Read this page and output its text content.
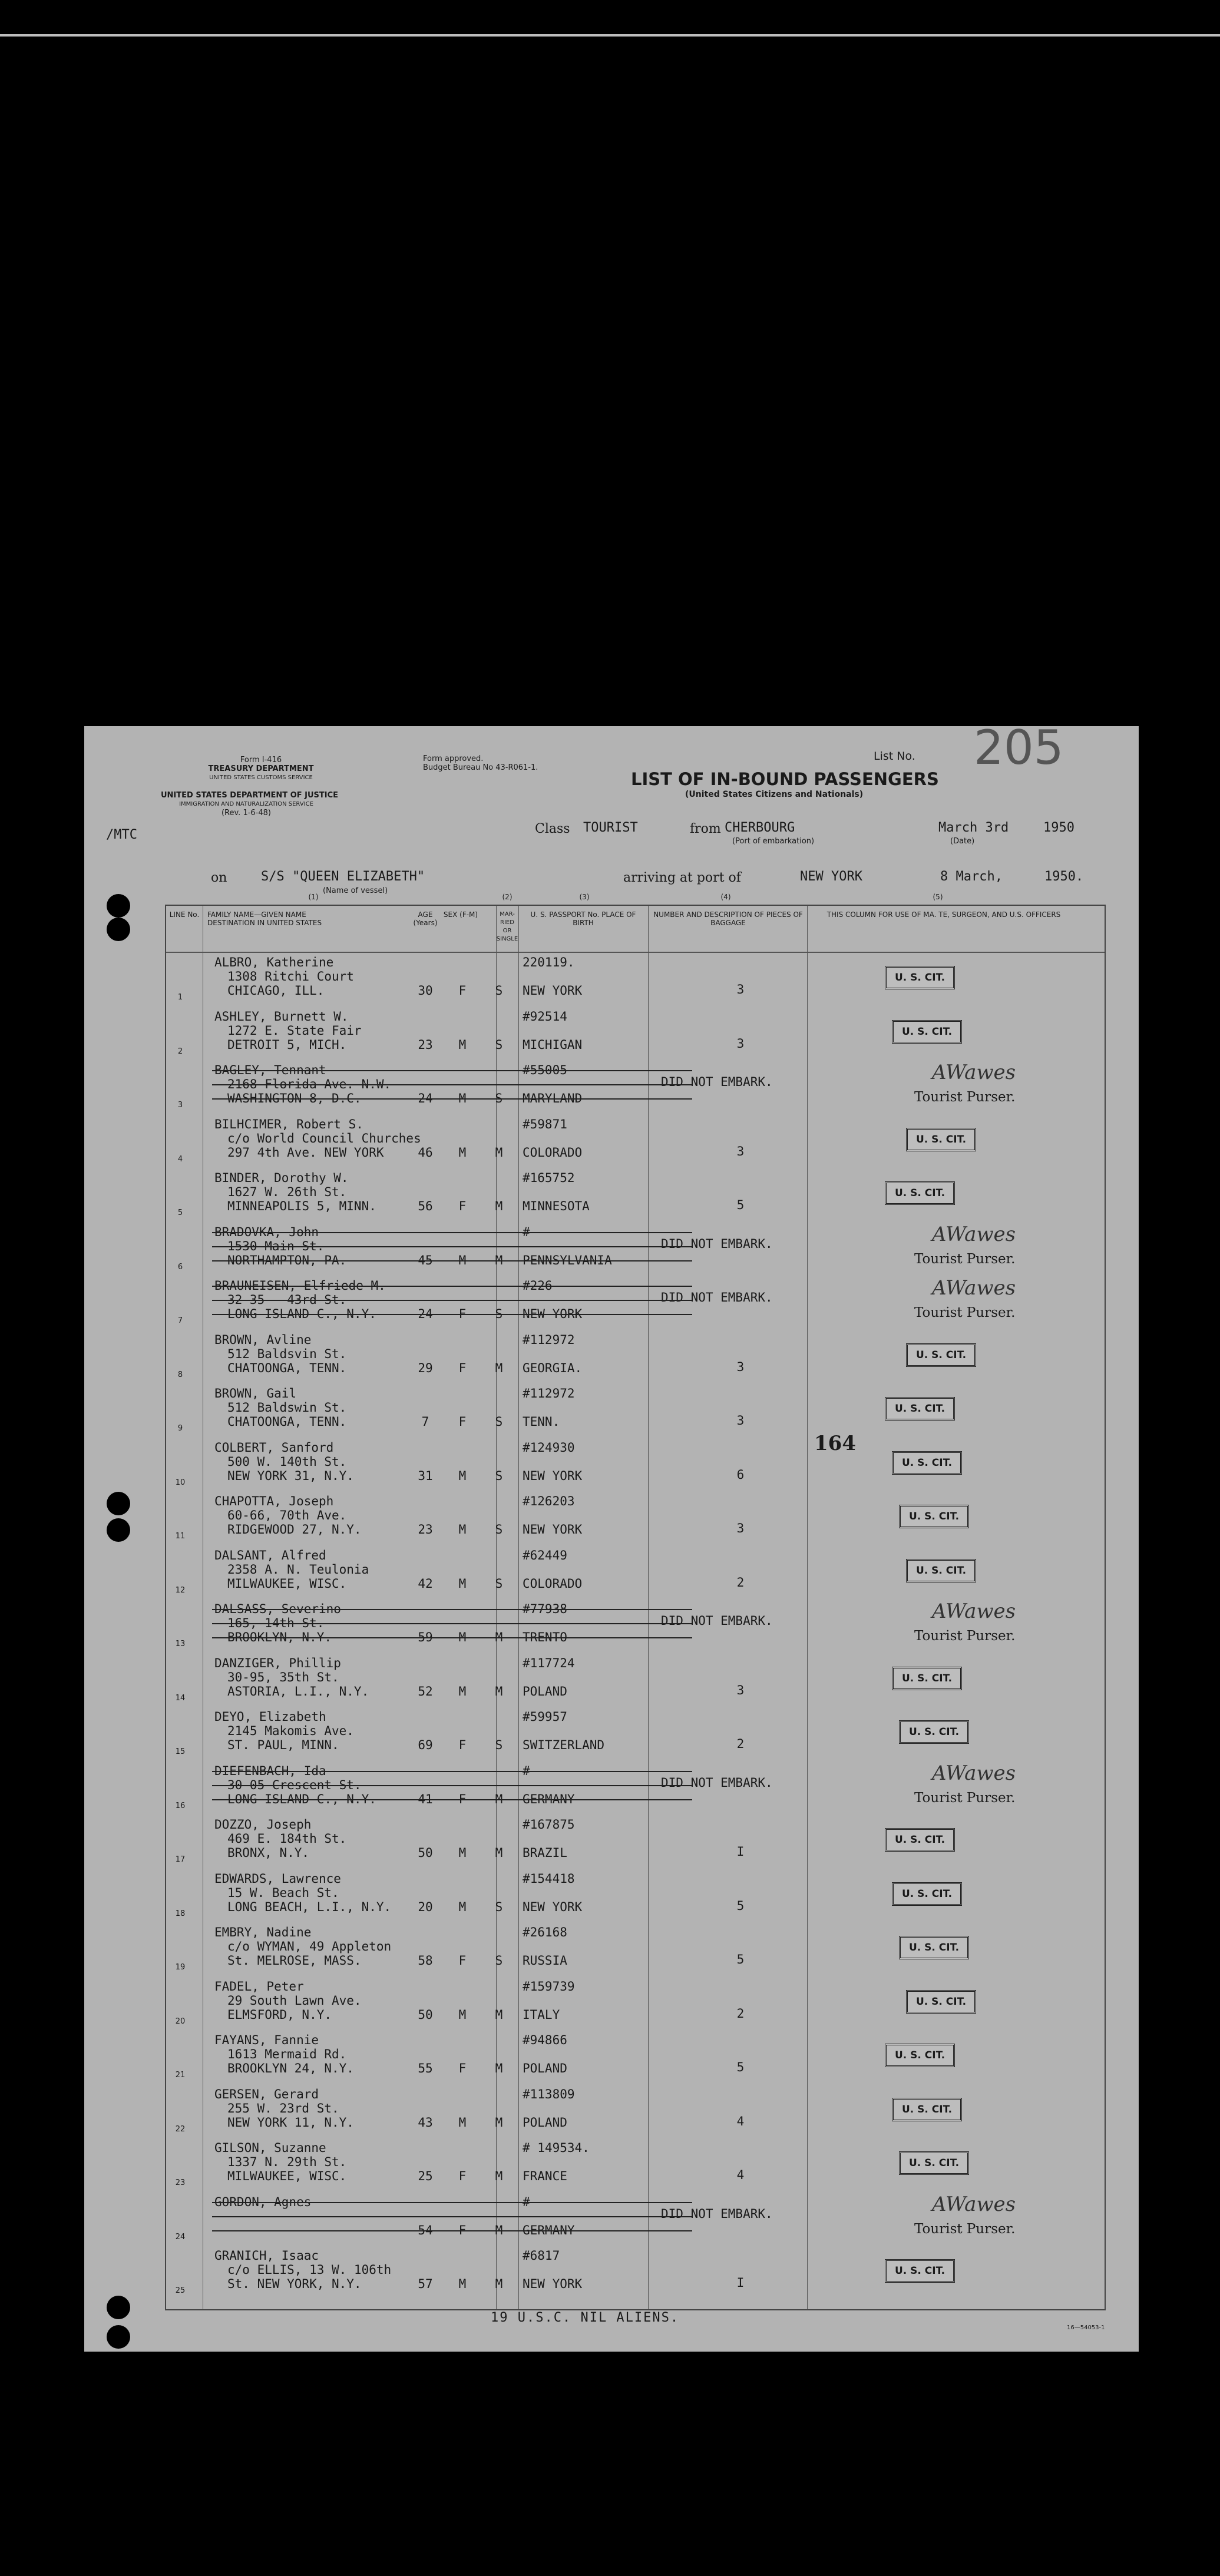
Form I-416
TREASURY DEPARTMENT
UNITED STATES CUSTOMS SERVICE
Form approved.
Budget Bureau No 43-R061-1.
UNITED STATES DEPARTMENT OF JUSTICE
IMMIGRATION AND NATURALIZATION SERVICE
(Rev. 1-6-48)
List No. 205
LIST OF IN-BOUND PASSENGERS
(United States Citizens and Nationals)
/MTC	Class TOURIST	from CHERBOURG
(Port of embarkation)
March 3rd
(Date)
1950
on	S/S "QUEEN ELIZABETH"
(Name of vessel)
arriving at port of	NEW YORK	8 March,	1950.
LINE No.	FAMILY NAME—GIVEN NAME DESTINATION IN UNITED STATES
AGE (Years)
SEX (F-M)	MAR-RIED OR SINGLE
U. S. PASSPORT No. PLACE OF BIRTH
NUMBER AND DESCRIPTION OF PIECES OF BAGGAGE
THIS COLUMN FOR USE OF MA. TE, SURGEON, AND U.S. OFFICERS
(1)	(2)	(3)	(4)	(5)
1
ALBRO, Katherine
1308 Ritchi Court
CHICAGO, ILL.	30	F	S
220119.
NEW YORK	3
U. S. CIT.
2
ASHLEY, Burnett W.
1272 E. State Fair
DETROIT 5, MICH.	23	M	S
#92514
MICHIGAN	3
U. S. CIT.
3
BAGLEY, Tennant
2168 Florida Ave. N.W.
WASHINGTON 8, D.C.	24	M	S
#55005
MARYLAND
DID NOT EMBARK.	AWawes
Tourist Purser.
4
BILHCIMER, Robert S.
c/o World Council Churches
297 4th Ave. NEW YORK	46	M	M
#59871
COLORADO	3
U. S. CIT.
5
BINDER, Dorothy W.
1627 W. 26th St.
MINNEAPOLIS 5, MINN.	56	F	M
#165752
MINNESOTA	5
U. S. CIT.
6
BRADOVKA, John
1530 Main St.
NORTHAMPTON, PA.	45	M	M
#
PENNSYLVANIA
DID NOT EMBARK.	AWawes
Tourist Purser.
7
BRAUNEISEN, Elfriede M.
32-35 - 43rd St.
LONG ISLAND C., N.Y.	24	F	S
#226
NEW YORK
DID NOT EMBARK.	AWawes
Tourist Purser.
8
BROWN, Avline
512 Baldsvin St.
CHATOONGA, TENN.	29	F	M
#112972
GEORGIA.	3
U. S. CIT.
9
BROWN, Gail
512 Baldswin St.
CHATOONGA, TENN.	7	F	S
#112972
TENN.	3
U. S. CIT.
10
COLBERT, Sanford
500 W. 140th St.
NEW YORK 31, N.Y.	31	M	S
#124930
NEW YORK	6
U. S. CIT.
11
CHAPOTTA, Joseph
60-66, 70th Ave.
RIDGEWOOD 27, N.Y.	23	M	S
#126203
NEW YORK	3
U. S. CIT.
12
DALSANT, Alfred
2358 A. N. Teulonia
MILWAUKEE, WISC.	42	M	S
#62449
COLORADO	2
U. S. CIT.
13
DALSASS, Severino
165, 14th St.
BROOKLYN, N.Y.	59	M	M
#77938
TRENTO
DID NOT EMBARK.	AWawes
Tourist Purser.
14
DANZIGER, Phillip
30-95, 35th St.
ASTORIA, L.I., N.Y.	52	M	M
#117724
POLAND	3
U. S. CIT.
15
DEYO, Elizabeth
2145 Makomis Ave.
ST. PAUL, MINN.	69	F	S
#59957
SWITZERLAND	2
U. S. CIT.
16
DIEFENBACH, Ida
30-05 Crescent St.
LONG ISLAND C., N.Y.	41	F	M
#
GERMANY
DID NOT EMBARK.	AWawes
Tourist Purser.
17
DOZZO, Joseph
469 E. 184th St.
BRONX, N.Y.	50	M	M
#167875
BRAZIL	I
U. S. CIT.
18
EDWARDS, Lawrence
15 W. Beach St.
LONG BEACH, L.I., N.Y.	20	M	S
#154418
NEW YORK	5
U. S. CIT.
19
EMBRY, Nadine
c/o WYMAN, 49 Appleton
St. MELROSE, MASS.	58	F	S
#26168
RUSSIA	5
U. S. CIT.
20
FADEL, Peter
29 South Lawn Ave.
ELMSFORD, N.Y.	50	M	M
#159739
ITALY	2
U. S. CIT.
21
FAYANS, Fannie
1613 Mermaid Rd.
BROOKLYN 24, N.Y.	55	F	M
#94866
POLAND	5
U. S. CIT.
22
GERSEN, Gerard
255 W. 23rd St.
NEW YORK 11, N.Y.	43	M	M
#113809
POLAND	4
U. S. CIT.
23
GILSON, Suzanne
1337 N. 29th St.
MILWAUKEE, WISC.	25	F	M
# 149534.
FRANCE	4
U. S. CIT.
24
GORDON, Agnes
54	F	M
#
GERMANY
DID NOT EMBARK.	AWawes
Tourist Purser.
25
GRANICH, Isaac
c/o ELLIS, 13 W. 106th
St. NEW YORK, N.Y.	57	M	M
#6817
NEW YORK	I
U. S. CIT.
164
19 U.S.C. NIL ALIENS.
16—54053-1
